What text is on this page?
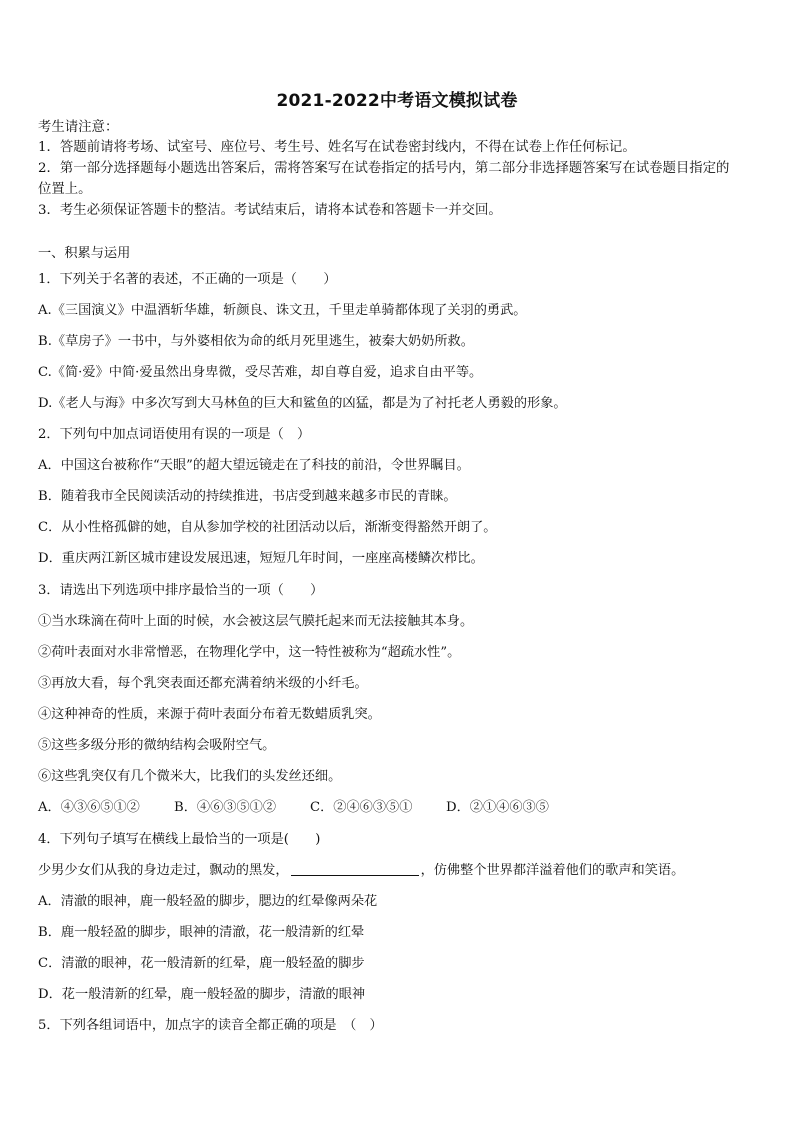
2021-2022中考语文模拟试卷
考生请注意：
1．答题前请将考场、试室号、座位号、考生号、姓名写在试卷密封线内，不得在试卷上作任何标记。
2．第一部分选择题每小题选出答案后，需将答案写在试卷指定的括号内，第二部分非选择题答案写在试卷题目指定的
位置上。
3．考生必须保证答题卡的整洁。考试结束后，请将本试卷和答题卡一并交回。
一、积累与运用
1．下列关于名著的表述，不正确的一项是（　　）
A.《三国演义》中温酒斩华雄，斩颜良、诛文丑，千里走单骑都体现了关羽的勇武。
B.《草房子》一书中，与外婆相依为命的纸月死里逃生，被秦大奶奶所救。
C.《简·爱》中简·爱虽然出身卑微，受尽苦难，却自尊自爱，追求自由平等。
D.《老人与海》中多次写到大马林鱼的巨大和鲨鱼的凶猛，都是为了衬托老人勇毅的形象。
2．下列句中加点词语使用有误的一项是（　）
A．中国这台被称作“天眼”的超大望远镜走在了科技的前沿，令世界瞩目。
B．随着我市全民阅读活动的持续推进，书店受到越来越多市民的青睐。
C．从小性格孤僻的她，自从参加学校的社团活动以后，渐渐变得豁然开朗了。
D．重庆两江新区城市建设发展迅速，短短几年时间，一座座高楼鳞次栉比。
3．请选出下列选项中排序最恰当的一项（　　）
①当水珠滴在荷叶上面的时候，水会被这层气膜托起来而无法接触其本身。
②荷叶表面对水非常憎恶，在物理化学中，这一特性被称为“超疏水性”。
③再放大看，每个乳突表面还都充满着纳米级的小纤毛。
④这种神奇的性质，来源于荷叶表面分布着无数蜡质乳突。
⑤这些多级分形的微纳结构会吸附空气。
⑥这些乳突仅有几个微米大，比我们的头发丝还细。
A．④③⑥⑤①②	B．④⑥③⑤①②	C．②④⑥③⑤①	D．②①④⑥③⑤
4．下列句子填写在横线上最恰当的一项是(　　)
少男少女们从我的身边走过，飘动的黑发，	，仿佛整个世界都洋溢着他们的歌声和笑语。
A．清澈的眼神，鹿一般轻盈的脚步，腮边的红晕像两朵花
B．鹿一般轻盈的脚步，眼神的清澈，花一般清新的红晕
C．清澈的眼神，花一般清新的红晕，鹿一般轻盈的脚步
D．花一般清新的红晕，鹿一般轻盈的脚步，清澈的眼神
5．下列各组词语中，加点字的读音全都正确的项是　（　）
